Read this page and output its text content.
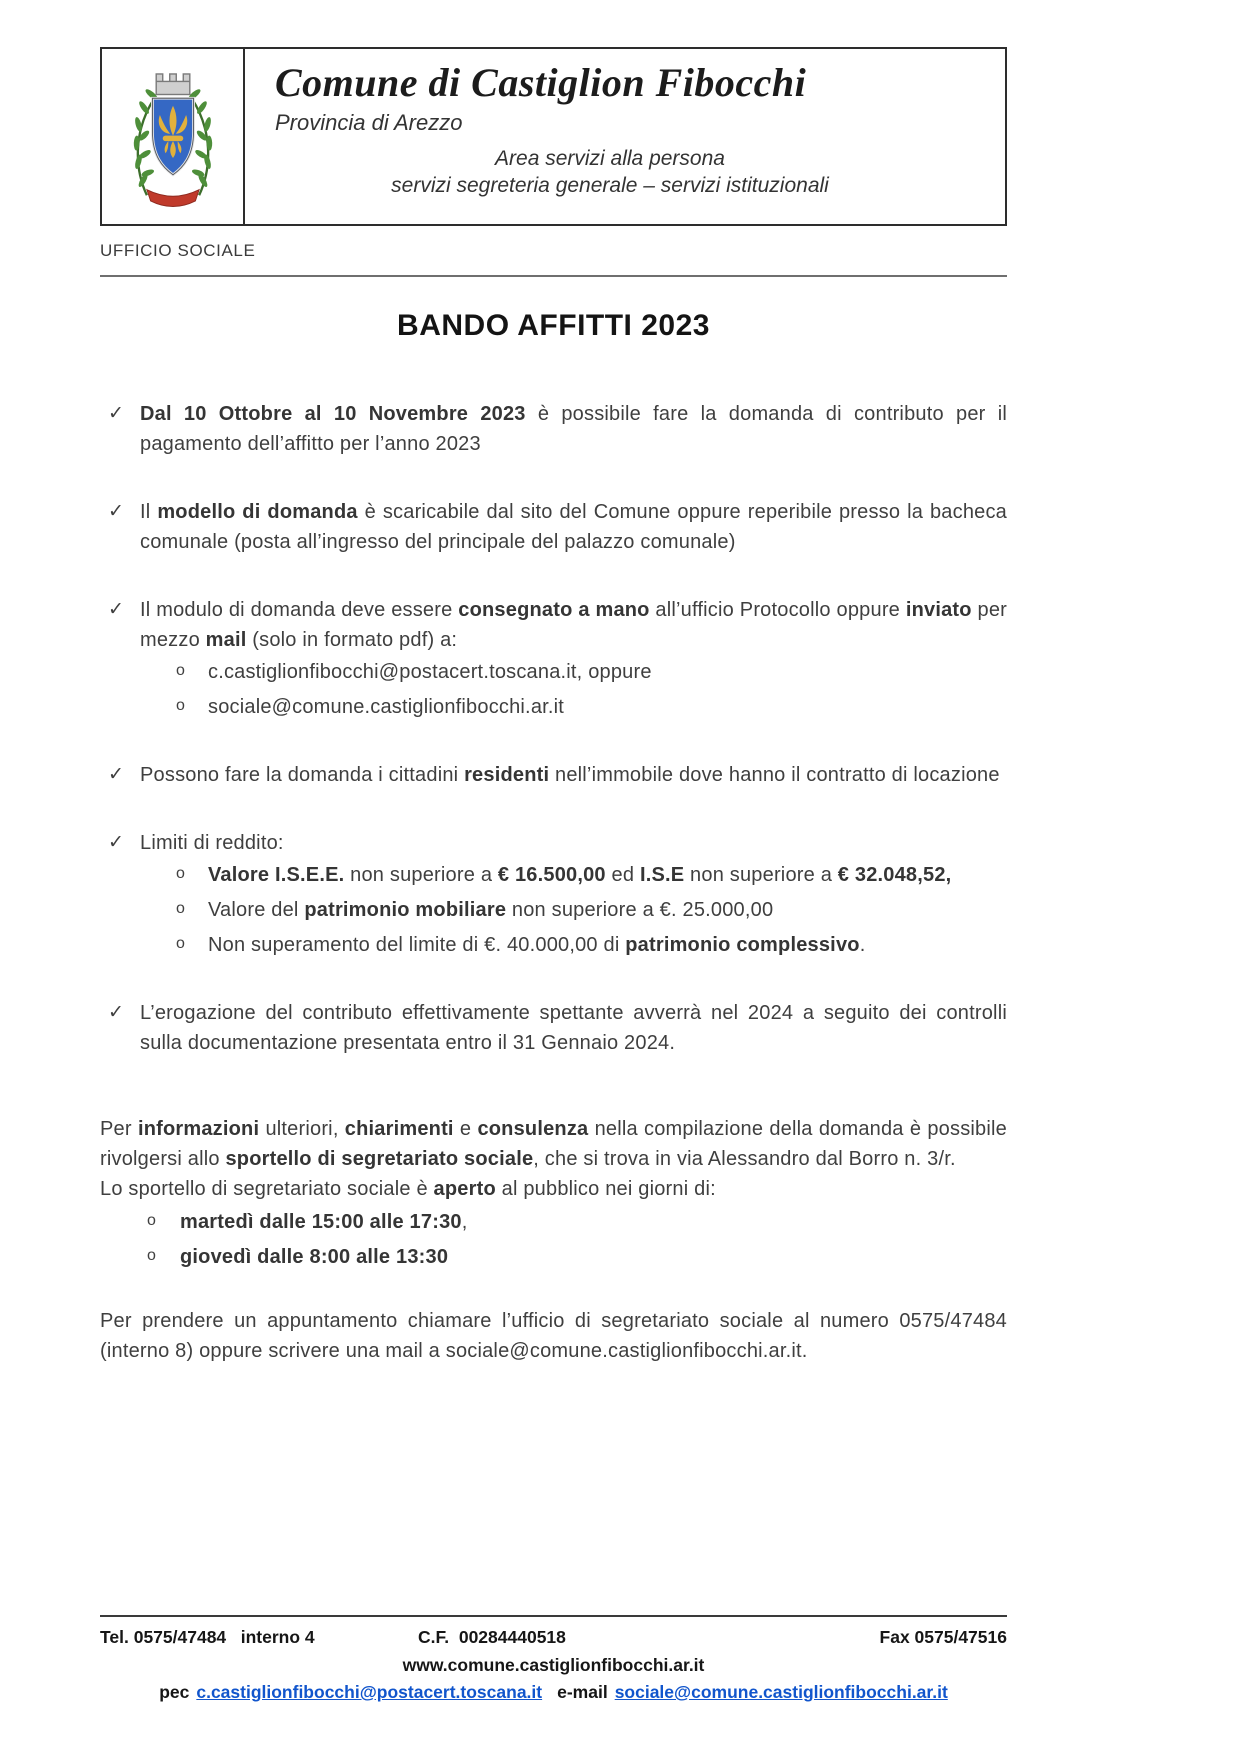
Comune di Castiglion Fibocchi
Provincia di Arezzo
Area servizi alla persona
servizi segreteria generale – servizi istituzionali
UFFICIO SOCIALE
BANDO AFFITTI 2023
✓ Dal 10 Ottobre al 10 Novembre 2023 è possibile fare la domanda di contributo per il pagamento dell’affitto per l’anno 2023
✓ Il modello di domanda è scaricabile dal sito del Comune oppure reperibile presso la bacheca comunale (posta all’ingresso del principale del palazzo comunale)
✓ Il modulo di domanda deve essere consegnato a mano all’ufficio Protocollo oppure inviato per mezzo mail (solo in formato pdf) a:
o	c.castiglionfibocchi@postacert.toscana.it, oppure
o	sociale@comune.castiglionfibocchi.ar.it
✓ Possono fare la domanda i cittadini residenti nell’immobile dove hanno il contratto di locazione
✓ Limiti di reddito:
o	Valore I.S.E.E. non superiore a € 16.500,00 ed I.S.E non superiore a € 32.048,52,
o	Valore del patrimonio mobiliare non superiore a €. 25.000,00
o	Non superamento del limite di €. 40.000,00 di patrimonio complessivo.
✓ L’erogazione del contributo effettivamente spettante avverrà nel 2024 a seguito dei controlli sulla documentazione presentata entro il 31 Gennaio 2024.
Per informazioni ulteriori, chiarimenti e consulenza nella compilazione della domanda è possibile rivolgersi allo sportello di segretariato sociale, che si trova in via Alessandro dal Borro n. 3/r.
Lo sportello di segretariato sociale è aperto al pubblico nei giorni di:
o	martedì dalle 15:00 alle 17:30,
o	giovedì dalle 8:00 alle 13:30
Per prendere un appuntamento chiamare l’ufficio di segretariato sociale al numero 0575/47484 (interno 8) oppure scrivere una mail a sociale@comune.castiglionfibocchi.ar.it.
Tel. 0575/47484   interno 4	C.F.  00284440518	Fax 0575/47516
www.comune.castiglionfibocchi.ar.it
pec c.castiglionfibocchi@postacert.toscana.it e-mail sociale@comune.castiglionfibocchi.ar.it
